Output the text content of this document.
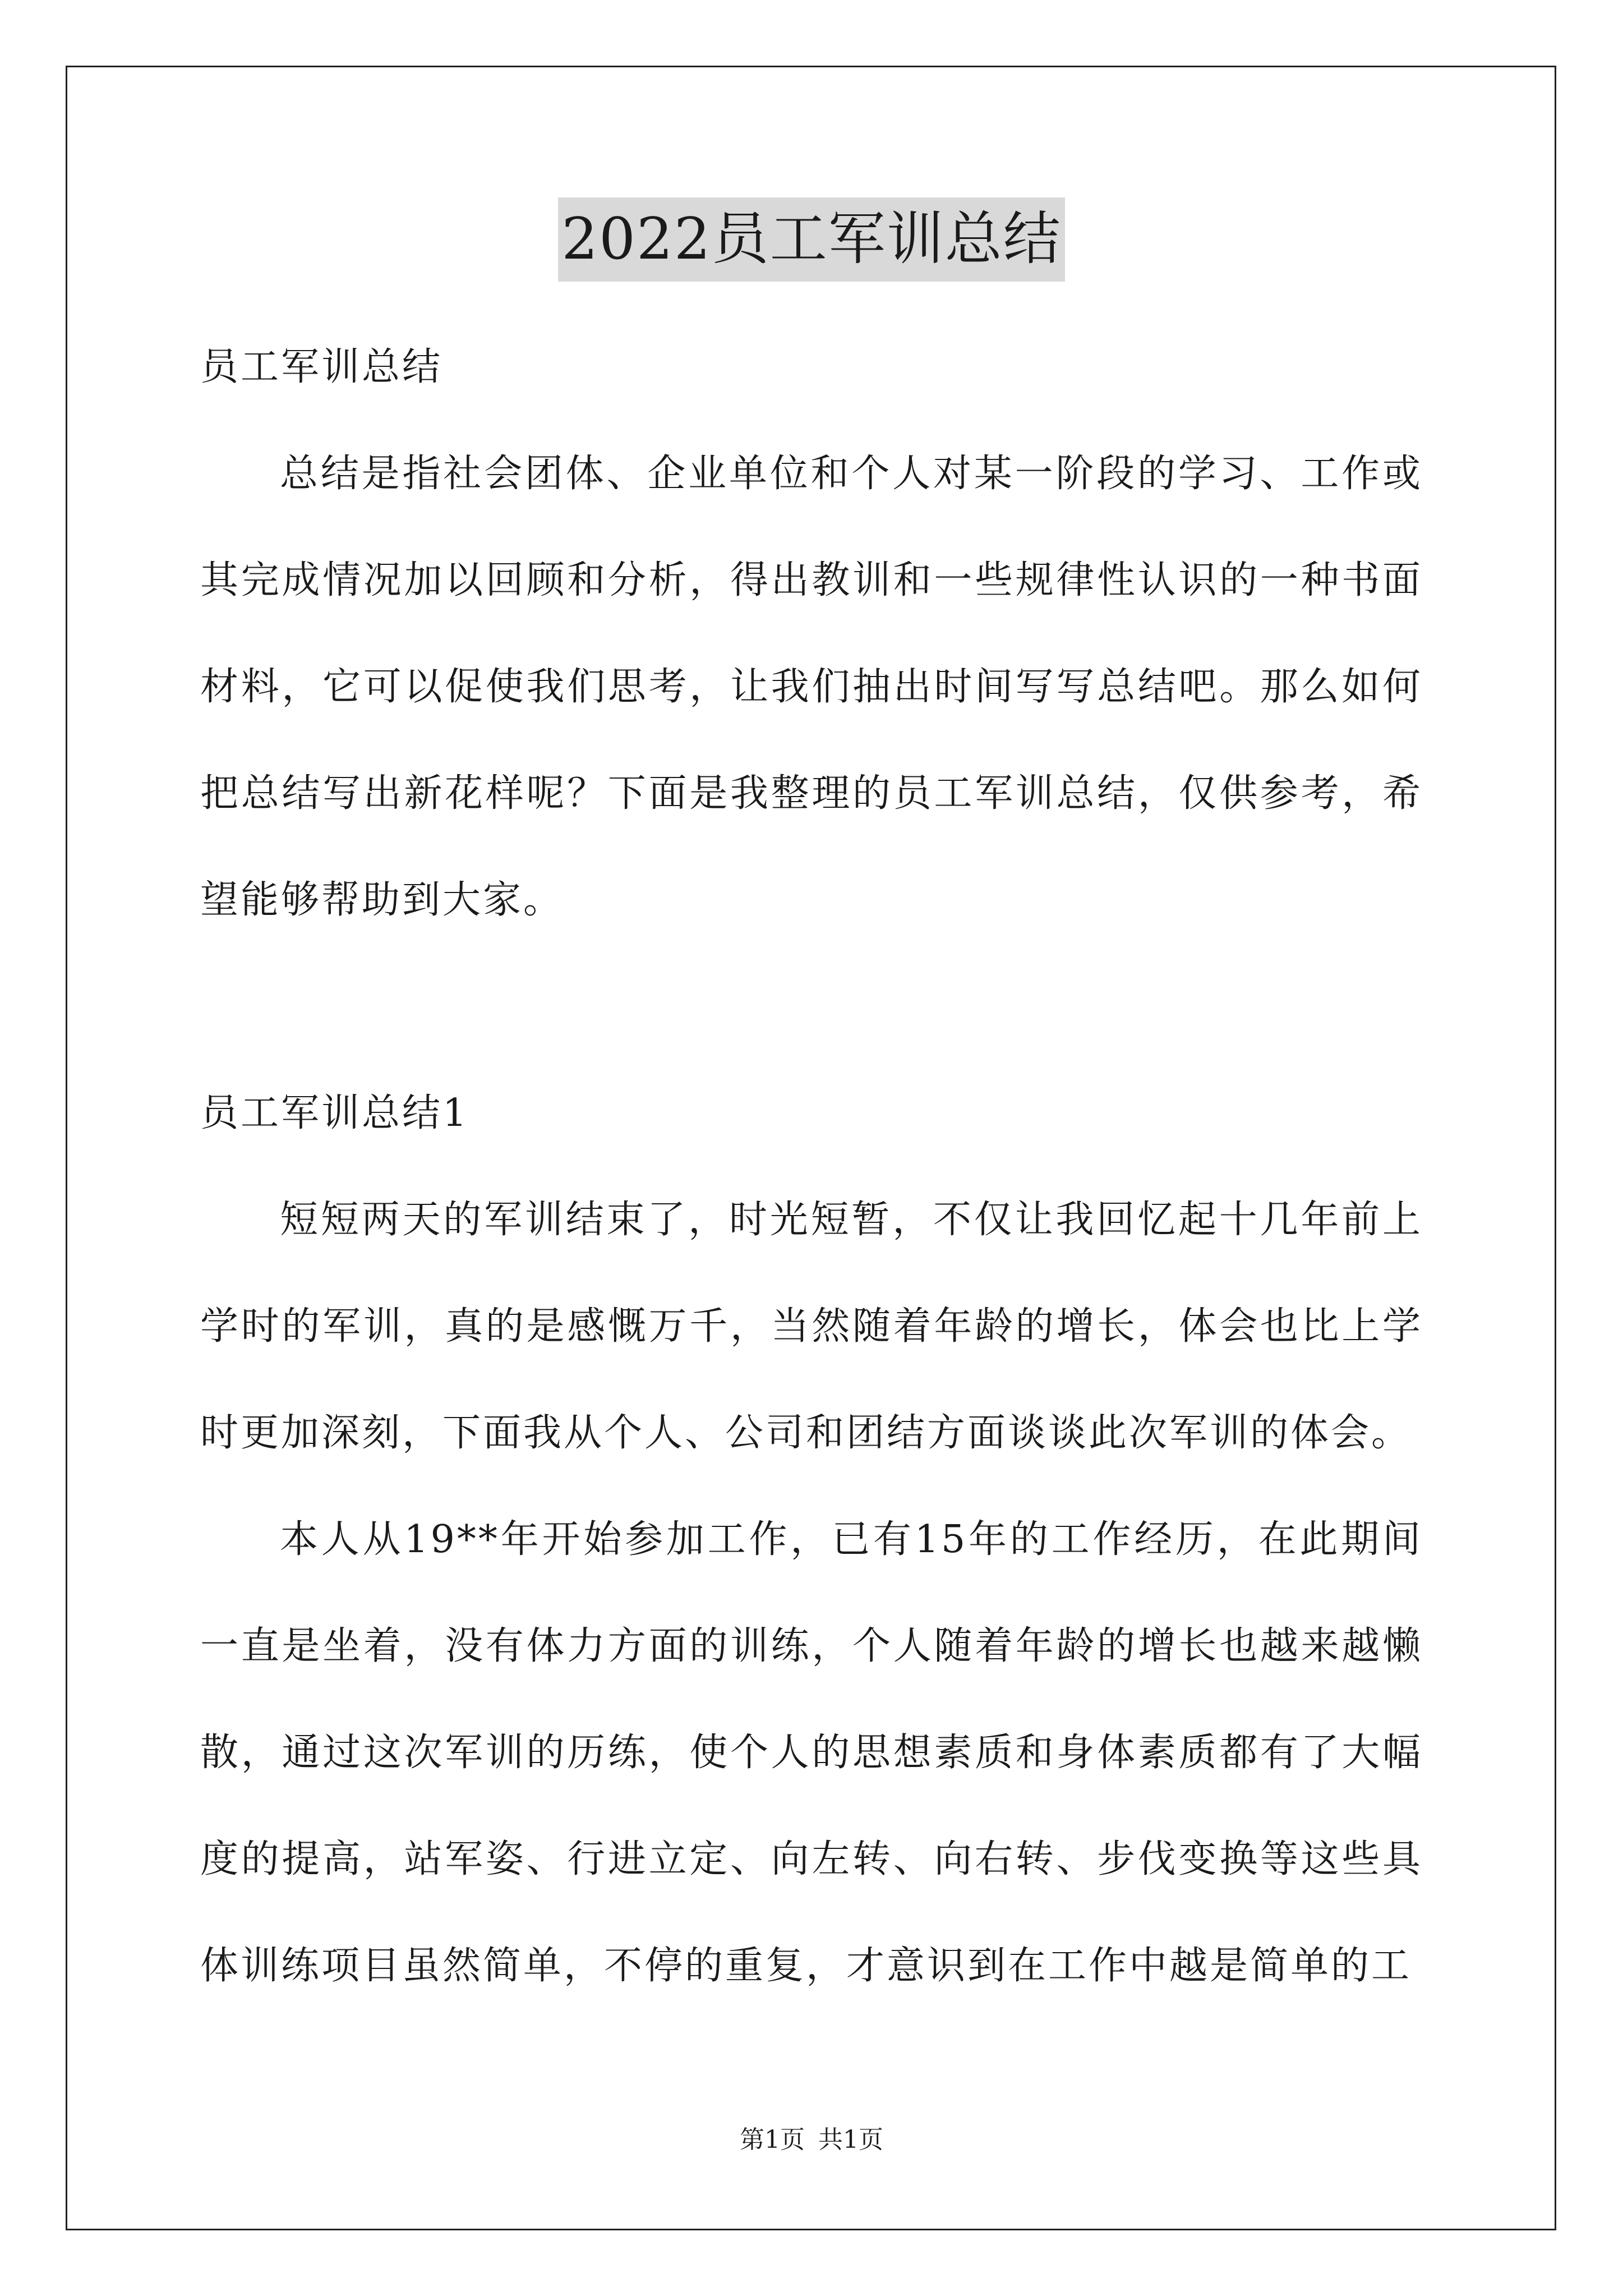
2022员工军训总结

员工军训总结

总结是指社会团体、企业单位和个人对某一阶段的学习、工作或其完成情况加以回顾和分析，得出教训和一些规律性认识的一种书面材料，它可以促使我们思考，让我们抽出时间写写总结吧。那么如何把总结写出新花样呢？下面是我整理的员工军训总结，仅供参考，希望能够帮助到大家。

员工军训总结1

短短两天的军训结束了，时光短暂，不仅让我回忆起十几年前上学时的军训，真的是感慨万千，当然随着年龄的增长，体会也比上学时更加深刻，下面我从个人、公司和团结方面谈谈此次军训的体会。

本人从19**年开始参加工作，已有15年的工作经历，在此期间一直是坐着，没有体力方面的训练，个人随着年龄的增长也越来越懒散，通过这次军训的历练，使个人的思想素质和身体素质都有了大幅度的提高，站军姿、行进立定、向左转、向右转、步伐变换等这些具体训练项目虽然简单，不停的重复，才意识到在工作中越是简单的工

第1页 共1页
